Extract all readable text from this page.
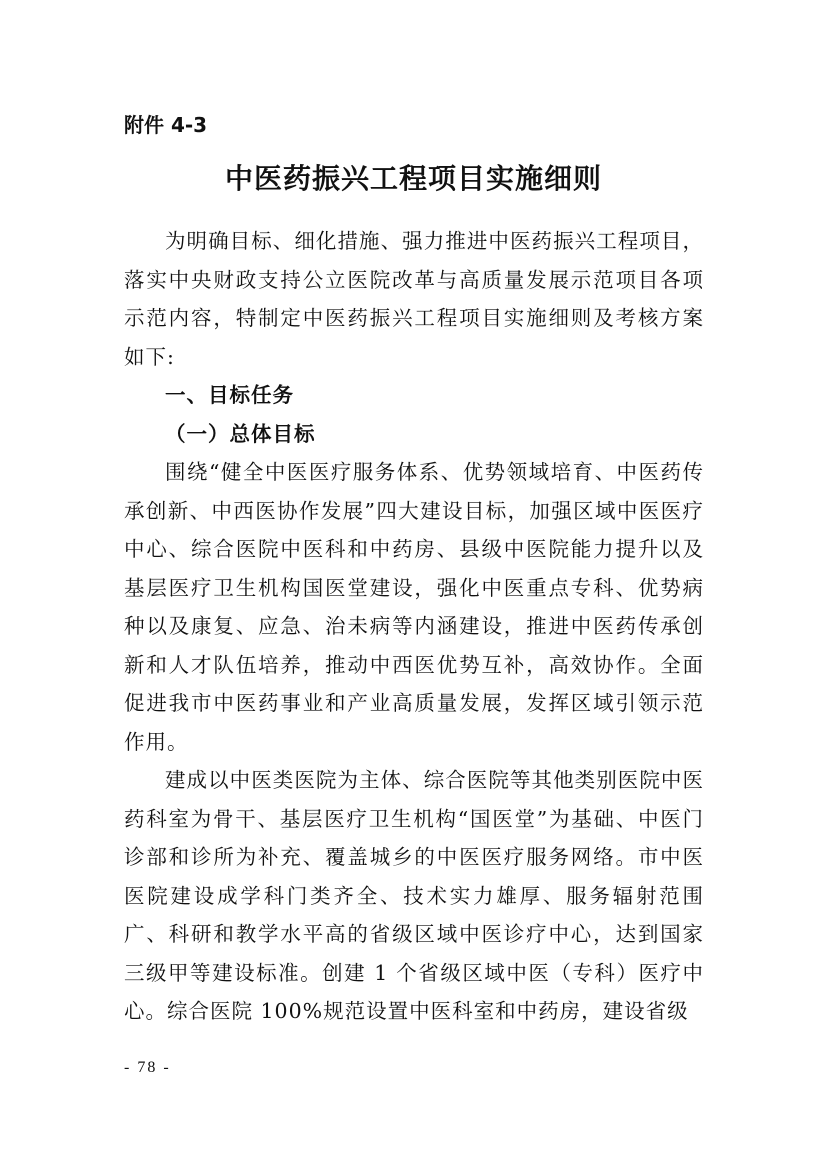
附件 4-3
中医药振兴工程项目实施细则

为明确目标、细化措施、强力推进中医药振兴工程项目，落实中央财政支持公立医院改革与高质量发展示范项目各项示范内容，特制定中医药振兴工程项目实施细则及考核方案如下:

一、目标任务

（一）总体目标

围绕“健全中医医疗服务体系、优势领域培育、中医药传承创新、中西医协作发展”四大建设目标，加强区域中医医疗中心、综合医院中医科和中药房、县级中医院能力提升以及基层医疗卫生机构国医堂建设，强化中医重点专科、优势病种以及康复、应急、治未病等内涵建设，推进中医药传承创新和人才队伍培养，推动中西医优势互补，高效协作。全面促进我市中医药事业和产业高质量发展，发挥区域引领示范作用。

建成以中医类医院为主体、综合医院等其他类别医院中医药科室为骨干、基层医疗卫生机构“国医堂”为基础、中医门诊部和诊所为补充、覆盖城乡的中医医疗服务网络。市中医医院建设成学科门类齐全、技术实力雄厚、服务辐射范围广、科研和教学水平高的省级区域中医诊疗中心，达到国家三级甲等建设标准。创建 1 个省级区域中医（专科）医疗中心。综合医院 100%规范设置中医科室和中药房，建设省级

- 78 -
